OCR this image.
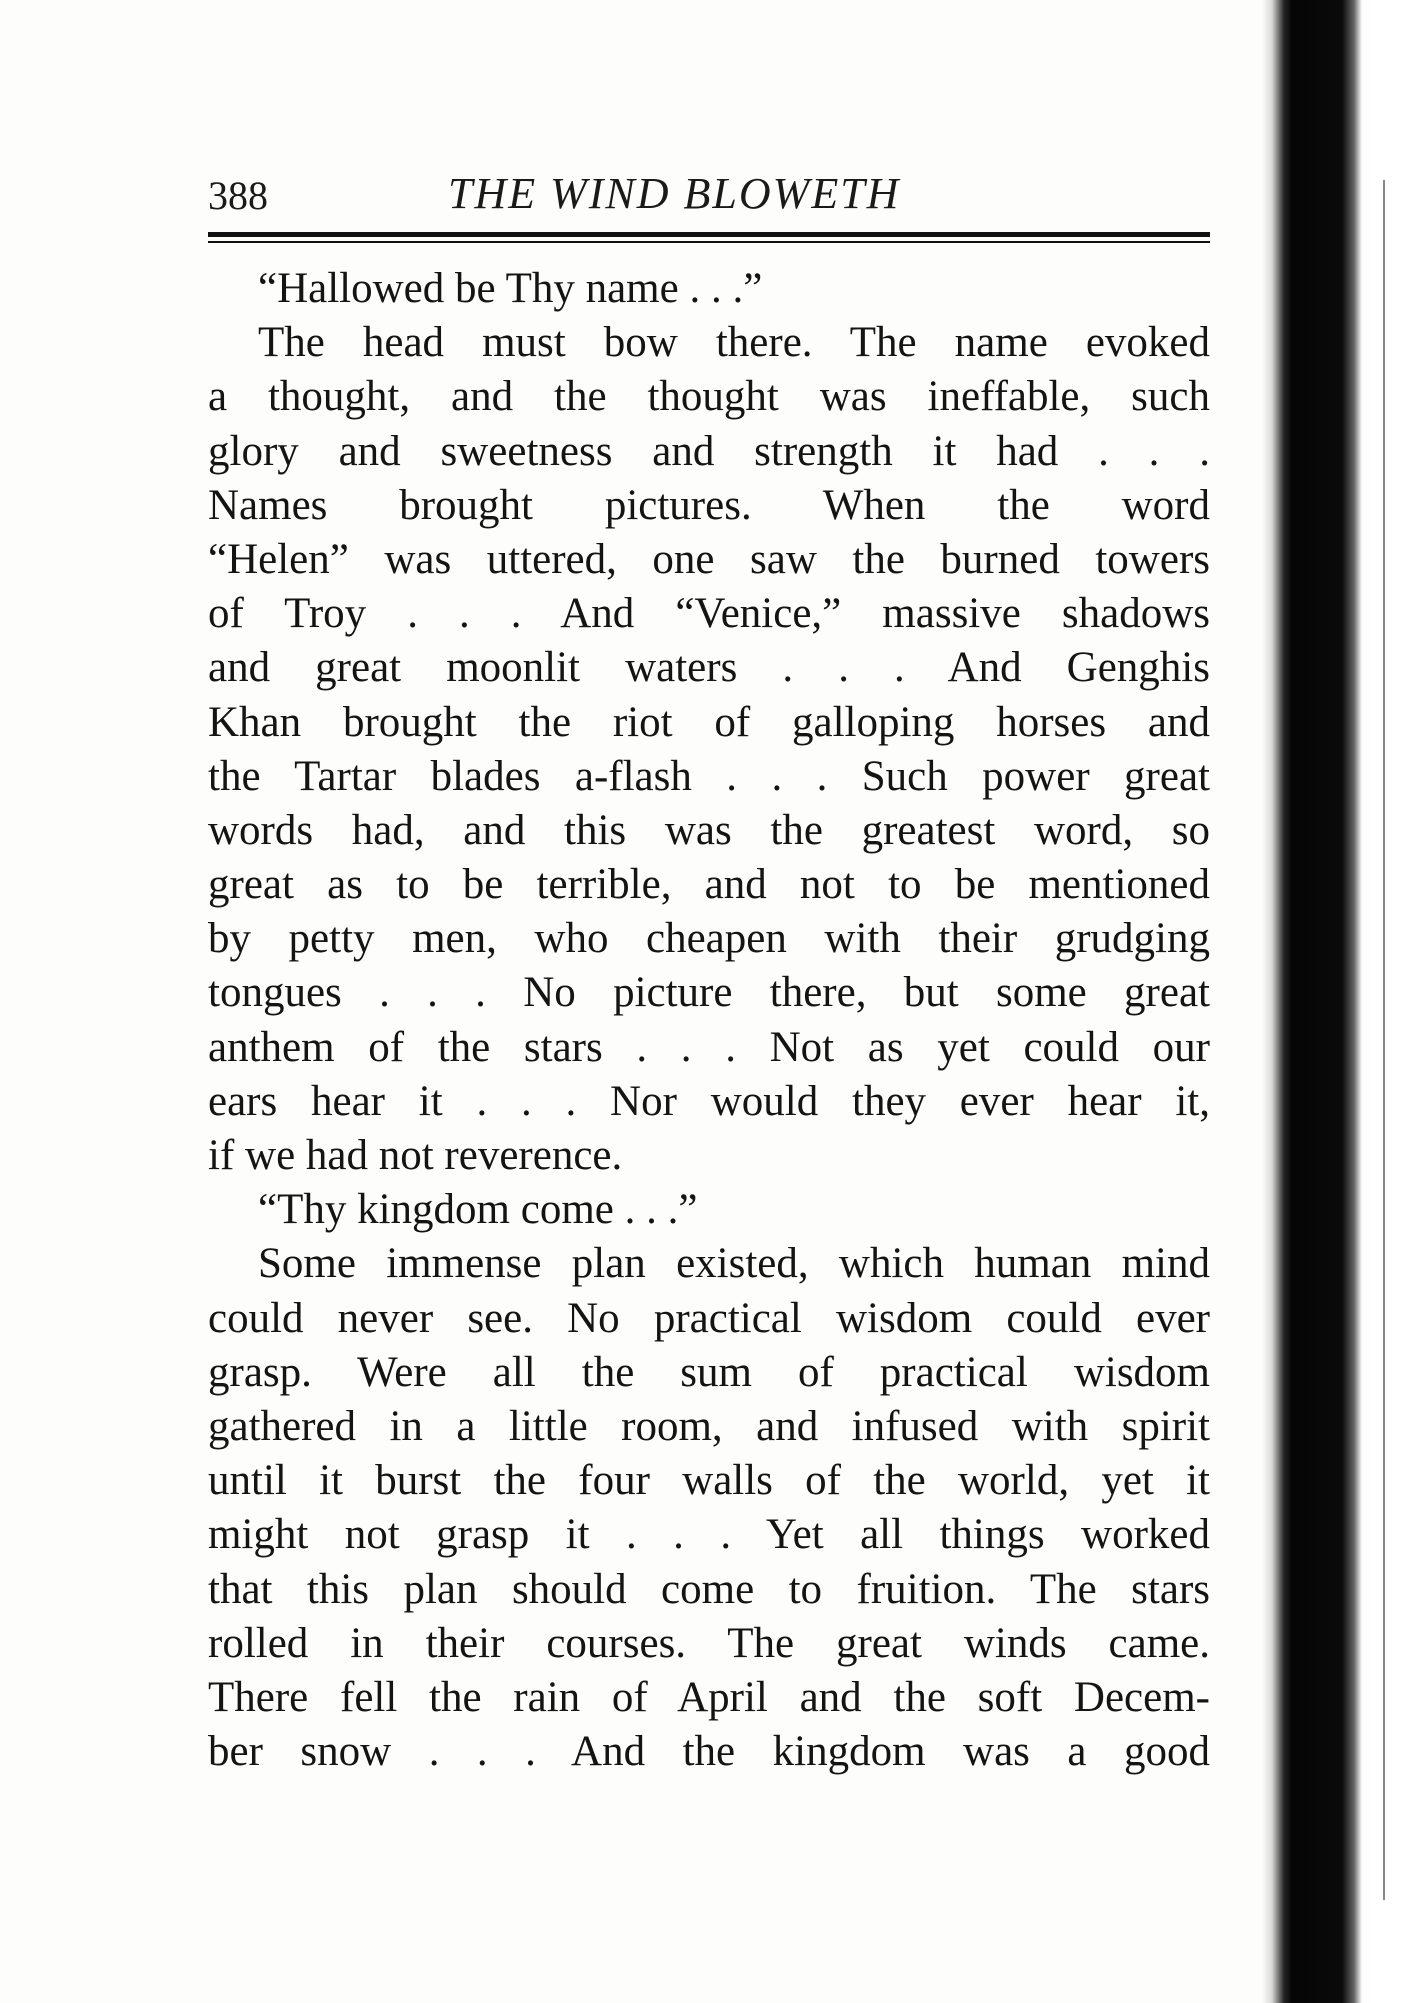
388	THE WIND BLOWETH
“Hallowed be Thy name . . .”
The head must bow there. The name evoked
a thought, and the thought was ineffable, such
glory and sweetness and strength it had . . .
Names brought pictures. When the word
“Helen” was uttered, one saw the burned towers
of Troy . . . And “Venice,” massive shadows
and great moonlit waters . . . And Genghis
Khan brought the riot of galloping horses and
the Tartar blades a-flash . . . Such power great
words had, and this was the greatest word, so
great as to be terrible, and not to be mentioned
by petty men, who cheapen with their grudging
tongues . . . No picture there, but some great
anthem of the stars . . . Not as yet could our
ears hear it . . . Nor would they ever hear it,
if we had not reverence.
“Thy kingdom come . . .”
Some immense plan existed, which human mind
could never see. No practical wisdom could ever
grasp. Were all the sum of practical wisdom
gathered in a little room, and infused with spirit
until it burst the four walls of the world, yet it
might not grasp it . . . Yet all things worked
that this plan should come to fruition. The stars
rolled in their courses. The great winds came.
There fell the rain of April and the soft Decem-
ber snow . . . And the kingdom was a good
